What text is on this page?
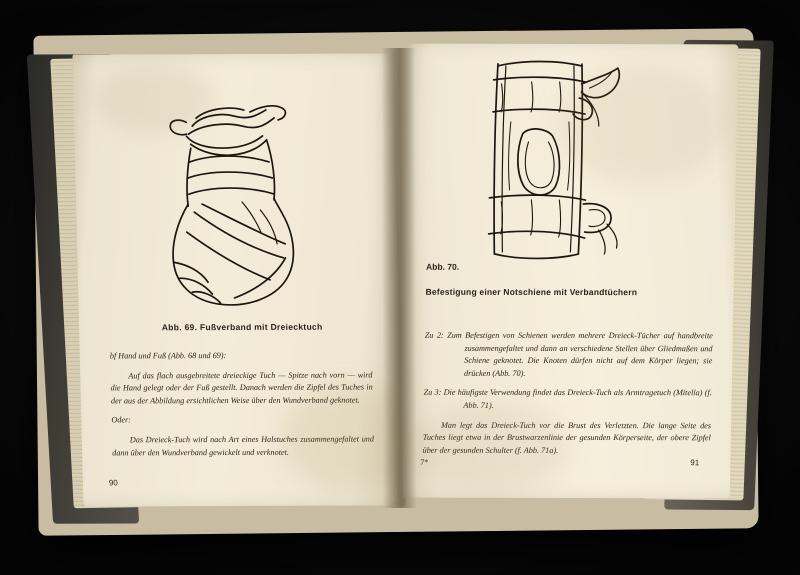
Abb. 69. Fußverband mit Dreiecktuch

bf Hand und Fuß (Abb. 68 und 69):

Auf das flach ausgebreitete dreieckige Tuch — Spitze nach vorn — wird die Hand gelegt oder der Fuß gestellt. Danach werden die Zipfel des Tuches in der aus der Abbildung ersichtlichen Weise über den Wundverband geknotet.

Oder:

Das Dreieck-Tuch wird nach Art eines Halstuches zusammengefaltet und dann über den Wundverband gewickelt und verknotet.

90
Abb. 70.
Befestigung einer Notschiene mit Verbandtüchern

Zu 2: Zum Befestigen von Schienen werden mehrere Dreieck-Tücher auf handbreite zusammengefaltet und dann an verschiedene Stellen über Gliedmaßen und Schiene geknotet. Die Knoten dürfen nicht auf dem Körper liegen; sie drücken (Abb. 70).

Zu 3: Die häufigste Verwendung findet das Dreieck-Tuch als Armtragetuch (Mitella) (f. Abb. 71).

Man legt das Dreieck-Tuch vor die Brust des Verletzten. Die lange Seite des Tuches liegt etwa in der Brustwarzenlinie der gesunden Körperseite, der obere Zipfel über der gesunden Schulter (f. Abb. 71a).

7*	91
